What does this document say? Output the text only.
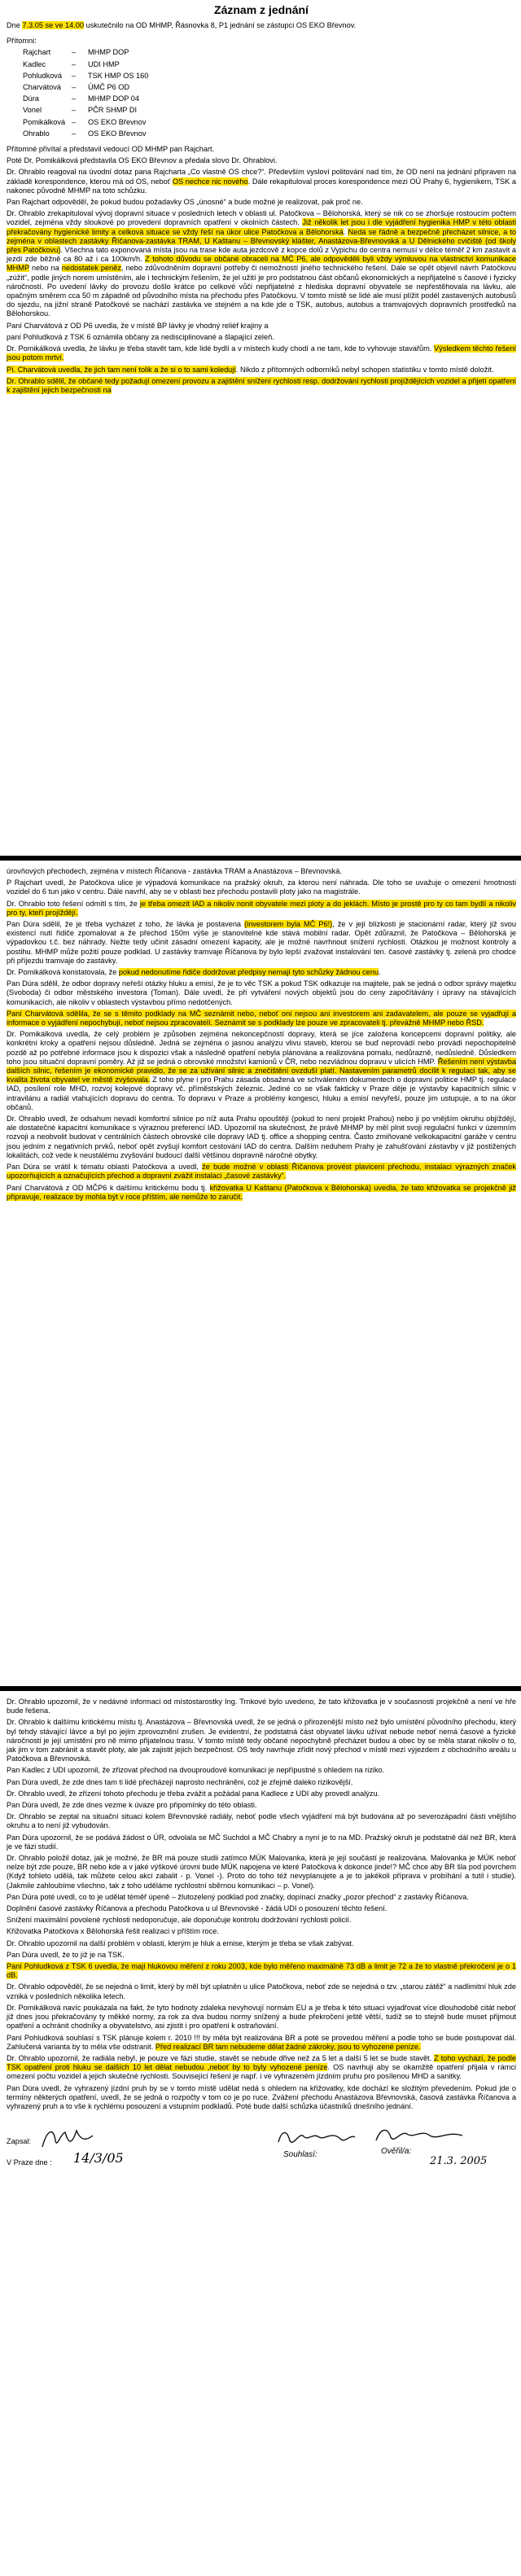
Záznam z jednání

Dne 7.3.05 se ve 14.00 uskutečnilo na OD MHMP, Řásnovka 8, P1 jednání se zástupci OS EKO Břevnov.

Přítomni:

Rajchart	–	MHMP DOP
Kadlec	–	UDI HMP
Pohludková	–	TSK HMP OS 160
Charvátová	–	ÚMČ P6 OD
Dúra	–	MHMP DOP 04
Vonel	–	PČR SHMP DI
Pomikálková –	OS EKO Břevnov
Ohrablo	–	OS EKO Břevnov

Přítomné přivítal a představil vedoucí OD MHMP pan Rajchart.

Poté Dr. Pomikálková představila OS EKO Břevnov a předala slovo Dr. Ohrablovi.

Dr. Ohrablo reagoval na úvodní dotaz pana Rajcharta „Co vlastně OS chce?“. Především vysloví politování nad tím, že OD není na jednání připraven na základě korespondence, kterou má od OS, neboť OS nechce nic nového. Dále rekapituloval proces korespondence mezi OÚ Prahy 6, hygienikem, TSK a nakonec původně MHMP na toto schůzku.

Pan Rajchart odpověděl, že pokud budou požadavky OS „únosné“ a bude možné je realizovat, pak proč ne.

Dr. Ohrablo zrekapituloval vývoj dopravní situace v posledních letech v oblasti ul. Patočkova – Bělohorská, který se nik co se zhoršuje rostoucím počtem vozidel, zejména vždy sloukové po provedení dopravních opatření v okolních částech. Již několik let jsou i dle vyjádření hygienika HMP v této oblasti překračovány hygienické limity a celková situace se vždy řeší na úkor ulice Patočkova a Bělohorská. Nedá se řádně a bezpečně přecházet silnice, a to zejména v oblastech zastávky Říčanova-zastávka TRAM, U Kaštanu – Břevnovský klášter, Anastázova-Břevnovská a U Dělnického cvičiště (od školy přes Patočkovu). Všechna tato exponovaná místa jsou na trase kde auta jezdcově z kopce dolů z Vypichu do centra nemusí v délce téměř 2 km zastavit a jezdí zde běžně ca 80 až i ca 100km/h. Z tohoto důvodu se občané obraceli na MČ P6, ale odpověděli byli vždy výmluvou na vlastnictví komunikace MHMP nebo na nedostatek peněz, nebo zdůvodněním dopravní potřeby či nemožností jiného technického řešení. Dále se opět objevil návrh Patočkovu „zúžit“, podle jiných norem umístěním, ale i technickým řešením, že jel užití je pro podstatnou část občanů ekonomických a nepřijatelné s časové i fyzicky náročností. Po uvedení lávky do provozu došlo krátce po celkové vůči nepřijatelné z hlediska dopravní obyvatele se nepřestěhovala na lávku, ale opačným směrem cca 50 m západně od původního místa na přechodu přes Patočkovu. V tomto místě se lidé ale musí plížit podél zastavených autobusů do sjezdu, na jižní straně Patočkové se nachází zastávka ve stejném a na kde jde o TSK, autobus, autobus a tramvajových dopravních prostředků na Bělohorskou.

Paní Charvátová z OD P6 uvedla, že v místě BP lávky je vhodný reliéf krajiny a

paní Pohludková z TSK 6 oznámila občany za nedisciplinované a šlapající zeleň.

Dr. Pomikálková uvedla, že lávku je třeba stavět tam, kde lidé bydlí a v místech kudy chodí a ne tam, kde to vyhovuje stavařům. Výsledkem těchto řešení jsou potom mrtví.

Pí. Charvátová uvedla, že jich tam není tolik a že si o to sami koledují. Nikdo z přítomných odborníků nebyl schopen statistiku v tomto místě doložit.

Dr. Ohrablo sdělil, že občané tedy požadují omezení provozu a zajištění snížení rychlosti resp. dodržování rychlosti projíždějících vozidel a přijetí opatření k zajištění jejich bezpečnosti na

úrovňových přechodech, zejména v místech Říčanova - zastávka TRAM a Anastázova – Břevnovská.

P Rajchart uvedl, že Patočkova ulice je výpadová komunikace na pražský okruh, za kterou není náhrada. Dle toho se uvažuje o omezení hmotnosti vozidel do 6 tun jako v centru. Dále navrhl, aby se v oblasti bez přechodu postavili ploty jako na magistrále.

Dr. Ohrablo toto řešení odmítl s tím, že je třeba omezit IAD a nikoliv nonit obyvatele mezi ploty a do jeklách. Místo je prostě pro ty co tam bydlí a nikoliv pro ty, kteří projíždějí.

Pan Dúra sdělil, že je třeba vycházet z toho, že lávka je postavena (investorem byla MČ P6!), že v její blízkosti je stacionární radar, který již svou existencí nutí řidiče zpomalovat a že přechod 150m výše je stanovitelné kde stává mobilní radar. Opět zdůraznil, že Patočkova – Bělohorská je výpadovkou t.č. bez náhrady. Nežte tedy učinit zásadní omezení kapacity, ale je možné navrhnout snížení rychlosti. Otázkou je možnost kontroly a postihu. MHMP může požití pouze podklad. U zastávky tramvaje Říčanova by bylo lepší zvažovat instalování ten. časové zastávky tj. zelená pro chodce při příjezdu tramvaje do zastávky.

Dr. Pomikálková konstatovala, že pokud nedonutíme řidiče dodržovat předpisy nemají tyto schůzky žádnou cenu.

Pan Dúra sdělil, že odbor dopravy neřeší otázky hluku a emisí, že je to věc TSK a pokud TSK odkazuje na majitele, pak se jedná o odbor správy majetku (Svoboda) či odbor městského investora (Toman). Dále uvedl, že při vytváření nových objektů jsou do ceny započítávány i úpravy na stávajících komunikacích, ale nikoliv v oblastech výstavbou přímo nedotčených.

Paní Charvátová sdělila, že se s těmito podklady na MČ seznámit nebo, neboť oni nejsou ani investorem ani zadavatelem, ale pouze se vyjadřují a informace o vyjádření nepochybují, neboť nejsou zpracovatelí. Seznámit se s podklady lze pouze ve zpracovateli tj. převážně MHMP nebo ŘSD.

Dr. Pomikálková uvedla, že celý problém je způsoben zejména nekoncepčností dopravy, která se jíce založena koncepcemi dopravní politiky, ale konkrétní kroky a opatření nejsou důsledně. Jedná se zejména o jasnou analýzu vlivu staveb, kterou se buď neprovádí nebo provádí nepochopitelně pozdě až po potřebné informace jsou k dispozici však a následně opatření nebyla plánována a realizována pomalu, nedůrazně, nedůsledně. Důsledkem toho jsou situační dopravní poměry. Až již se jedná o obrovské množství kamionů v ČR, nebo nezvládnou dopravu v ulicích HMP. Řešením není výstavba dalších silnic, řešením je ekonomické pravidlo, že se za užívání silnic a znečištění ovzduší platí. Nastavením parametrů docílit k regulaci tak, aby se kvalita života obyvatel ve městě zvyšovala. Z toho plyne i pro Prahu zásada obsažená ve schváleném dokumentech o dopravní politice HMP tj. regulace IAD, posílení role MHD, rozvoj kolejové dopravy vč. příměstských železnic. Jediné co se však fakticky v Praze děje je výstavby kapacitních silnic v intravilánu a radiál vtahujících dopravu do centra. To dopravu v Praze a problémy kongesci, hluku a emisí nevyřeší, pouze jim ustupuje, a to na úkor občanů.

Dr. Ohrablo uvedl, že odsahum nevadí komfortní silnice po níž auta Prahu opouštějí (pokud to není projekt Prahou) nebo ji po vnějším okruhu objíždějí, ale dostatečné kapacitní komunikace s výraznou preferencí IAD. Upozornil na skutečnost, že právě MHMP by měl plnit svoji regulační funkci v územním rozvoji a neobvolit budovat v centrálních částech obrovské cíle dopravy IAD tj. office a shopping centra. Často zmiňované velkokapacitní garáže v centru jsou jedním z negativních prvků, neboť opět zvyšují komfort cestování IAD do centra. Dalším neduhem Prahy je zahušťování zástavby v již postižených lokalitách, což vede k neustálému zvyšování budoucí další většinou dopravně náročné obytky.

Pan Dúra se vrátil k tématu oblasti Patočkova a uvedl, že bude možné v oblasti Říčanova provést plavicení přechodu, instalaci výrazných značek upozorňujících a označujících přechod a dopravní zvážit instalaci „časové zastávky“.

Paní Charvátová z OD MČP6 k dalšímu kritickému bodu tj. křižovatka U Kaštanu (Patočkova x Bělohorská) uvedla, že tato křižovatka se projekčně již připravuje, realizace by mohla být v roce příštím, ale nemůže to zaručit.

Dr. Ohrablo upozornil, že v nedávné informaci od místostarostky Ing. Trnkové bylo uvedeno, že tato křižovatka je v současnosti projekčně a není ve hře bude řešena.

Dr. Ohrablo k dalšímu kritickému místu tj. Anastázova – Břevnovská uvedl, že se jedná o přirozenější místo než bylo umístění původního přechodu, který byl tehdy stávající lávce a byl po jejím zprovoznění zrušen. Je evidentní, že podstatná část obyvatel lávku užívat nebude neboť nemá časové a fyzické náročnosti je její umístění pro ně mimo přijatelnou trasu. V tomto místě tedy občané nepochybně přecházet budou a obec by se měla starat nikoliv o to, jak jim v tom zabránit a stavět ploty, ale jak zajistit jejich bezpečnost. OS tedy navrhuje zřídit nový přechod v místě mezi výjezdem z obchodního areálu u Patočkova a Břevnovská.

Pan Kadlec z UDI upozornil, že zřizovat přechod na dvouproudové komunikaci je nepřípustné s ohledem na riziko.

Pan Dúra uvedl, že zde dnes tam ti lidé přecházejí naprosto nechráněni, což je zřejmě daleko rizikovější.

Dr. Ohrablo uvedl, že zřízení tohoto přechodu je třeba zvážit a požádal pana Kadlece z UDI aby provedl analýzu.

Pan Dúra uvedl, že zde dnes vezme k úvaze pro připomínky do této oblasti.

Dr. Ohrablo se zeptal na situační situaci kolem Břevnovské radiály, neboť podle všech vyjádření má být budována až po severozápadní části vnějšího okruhu a to není již vybudován.

Pan Dúra upozornil, že se podává žádost o ÚR, odvolala se MČ Suchdol a MČ Chabry a nyní je to na MD. Pražský okruh je podstatně dál než BR, která je ve fázi studií.

Dr. Ohrablo položil dotaz, jak je možné, že BR má pouze studii zatímco MÚK Malovanka, která je její součástí je realizována. Malovanka je MÚK neboť nelze být zde pouze, BR nebo kde a v jaké výškové úrovni bude MÚK napojena ve které Patočkova k dokonce jinde!? MČ chce aby BR šla pod povrchem (Když tohleto udělá, tak můžete celou akci zabalit - p. Vonel -). Proto do toho též nevyplanujete a je to jakékoli příprava v probíhání a tutil i studie). (Jakmile zahloubíme všechno, tak z toho uděláme rychlostní sběrnou komunikaci – p. Vonel).

Pan Dúra poté uvedl, co to je udělat téměř úpeně – žlutozelený podklad pod značky, dopínací značky „pozor přechod“ z zastávky Říčanova.

Doplnění časové zastávky Říčanova a přechodu Patočkova u ul Břevnovské - žádá UDI o posouzení těchto řešení.

Snížení maximální povolené rychlosti nedoporučuje, ale doporučuje kontrolu dodržování rychlosti policií.

Křižovatka Patočkova x Bělohorská řešit realizaci v příštím roce.

Dr. Ohrablo upozornil na další problém v oblasti, kterým je hluk a emise, kterým je třeba se však zabývat.

Pan Dúra uvedl, že to již je na TSK.

Paní Pohludková z TSK 6 uvedla, že mají hlukovou měření z roku 2003, kde bylo měřeno maximálně 73 dB a limit je 72 a že to vlastně překročení je o 1 dB.

Dr. Ohrablo odpověděl, že se nejedná o limit, který by měl být uplatněn u ulice Patočkova, neboť zde se nejedná o tzv. „starou zátěž“ a nadlimitní hluk zde vzniká v posledních několika letech.

Dr. Pomikálková navíc poukázala na fakt, že tyto hodnoty zdaleka nevyhovují normám EU a je třeba k této situaci vyjadřovat více dlouhodobě citát neboť již dnes jsou překračovány ty měkké normy, za rok za dva budou normy snížený a bude překročení ještě větší, tudíž se to stejně bude muset přijmout opatření a ochránit chodníky a obyvatelstvo, asi zjistit i pro opatření k ostraňování.

Paní Pohludková souhlasí s TSK plánuje kolem r. 2010 !!! by měla být realizována BR a poté se provedou měření a podle toho se bude postupovat dál. Zahlučená varianta by to měla vše odstranit. Před realizací BR tam nebudeme dělat žádné zákroky, jsou to vyhozené peníze.

Dr. Ohrablo upozornil, že radiála nebyl, je pouze ve fázi studie, stavět se nebude dřive než za 5 let a další 5 let se bude stavět. Z toho vychází, že podle TSK opatření proti hluku se dalších 10 let dělat nebudou ,neboť by to byly vyhozené peníze. OS navrhuji aby se okamžitě opatření přijala v rámci omezení počtu vozidel a jejich skutečné rychlosti. Související řešení je např. i ve vyhrazeném jízdním pruhu pro posílenou MHD a sanitky.

Pan Dúra uvedl, že vyhrazený jízdní pruh by se v tomto místě udělat nedá s ohledem na křižovatky, kde dochází ke složitým převedením. Pokud jde o termíny některých opatření, uvedl, že se jedná o rozpočty v tom co je po ruce. Zvážení přechodu Anastázova Břevnovská, časová zastávka Říčanova a vyhrazený pruh a to vše k rychlému posouzení a vstupním podkladů. Poté bude další schůzka účastníků dnešního jednání.

Zapsal:
V Praze dne : 14/3/05	Souhlasí:	Ověřil/a:
21.3. 2005
